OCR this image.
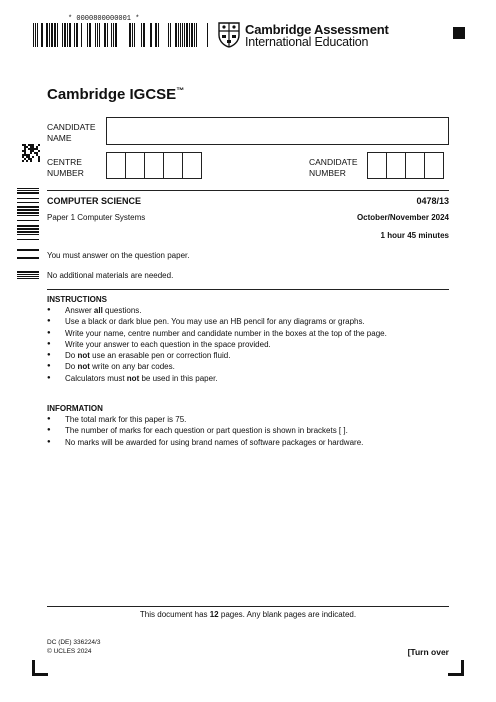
* 0000800000001 *
Cambridge Assessment
International Education
Cambridge IGCSE™
CANDIDATE
NAME
CENTRE
NUMBER
CANDIDATE
NUMBER
COMPUTER SCIENCE	0478/13
Paper 1 Computer Systems	October/November 2024
1 hour 45 minutes
You must answer on the question paper.
No additional materials are needed.
INSTRUCTIONS
● Answer all questions.
● Use a black or dark blue pen. You may use an HB pencil for any diagrams or graphs.
● Write your name, centre number and candidate number in the boxes at the top of the page.
● Write your answer to each question in the space provided.
● Do not use an erasable pen or correction fluid.
● Do not write on any bar codes.
● Calculators must not be used in this paper.
INFORMATION
● The total mark for this paper is 75.
● The number of marks for each question or part question is shown in brackets [ ].
● No marks will be awarded for using brand names of software packages or hardware.
This document has 12 pages. Any blank pages are indicated.
DC (DE) 336224/3
© UCLES 2024	[Turn over
